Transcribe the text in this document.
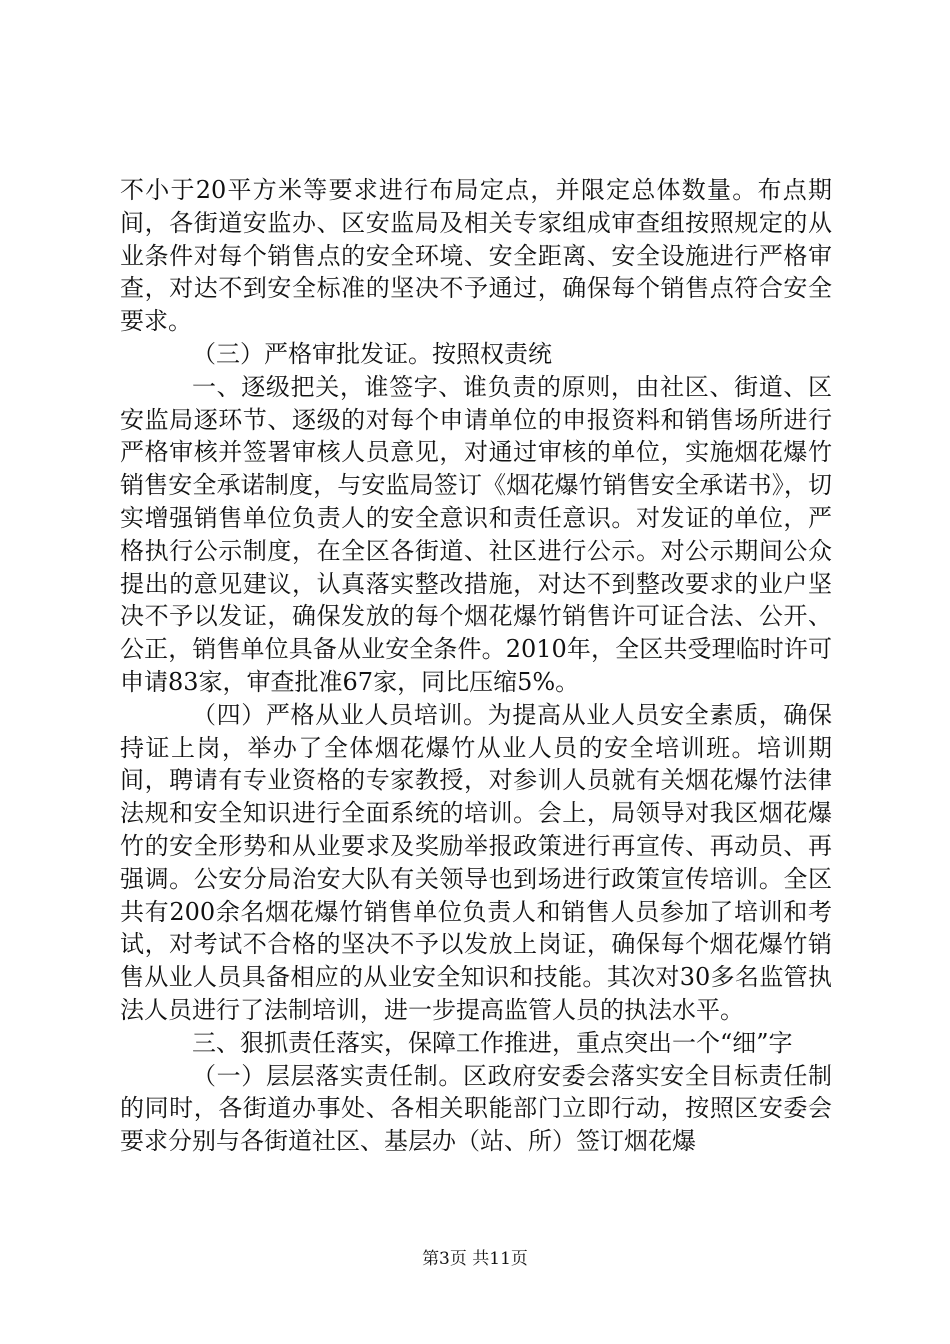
不小于20平方米等要求进行布局定点，并限定总体数量。布点期间，各街道安监办、区安监局及相关专家组成审查组按照规定的从业条件对每个销售点的安全环境、安全距离、安全设施进行严格审查，对达不到安全标准的坚决不予通过，确保每个销售点符合安全要求。

（三）严格审批发证。按照权责统

一、逐级把关，谁签字、谁负责的原则，由社区、街道、区安监局逐环节、逐级的对每个申请单位的申报资料和销售场所进行严格审核并签署审核人员意见，对通过审核的单位，实施烟花爆竹销售安全承诺制度，与安监局签订《烟花爆竹销售安全承诺书》，切实增强销售单位负责人的安全意识和责任意识。对发证的单位，严格执行公示制度，在全区各街道、社区进行公示。对公示期间公众提出的意见建议，认真落实整改措施，对达不到整改要求的业户坚决不予以发证，确保发放的每个烟花爆竹销售许可证合法、公开、公正，销售单位具备从业安全条件。2010年，全区共受理临时许可申请83家，审查批准67家，同比压缩5%。

（四）严格从业人员培训。为提高从业人员安全素质，确保持证上岗，举办了全体烟花爆竹从业人员的安全培训班。培训期间，聘请有专业资格的专家教授，对参训人员就有关烟花爆竹法律法规和安全知识进行全面系统的培训。会上，局领导对我区烟花爆竹的安全形势和从业要求及奖励举报政策进行再宣传、再动员、再强调。公安分局治安大队有关领导也到场进行政策宣传培训。全区共有200余名烟花爆竹销售单位负责人和销售人员参加了培训和考试，对考试不合格的坚决不予以发放上岗证，确保每个烟花爆竹销售从业人员具备相应的从业安全知识和技能。其次对30多名监管执法人员进行了法制培训，进一步提高监管人员的执法水平。

三、狠抓责任落实，保障工作推进，重点突出一个“细”字

（一）层层落实责任制。区政府安委会落实安全目标责任制的同时，各街道办事处、各相关职能部门立即行动，按照区安委会要求分别与各街道社区、基层办（站、所）签订烟花爆

第3页 共11页
